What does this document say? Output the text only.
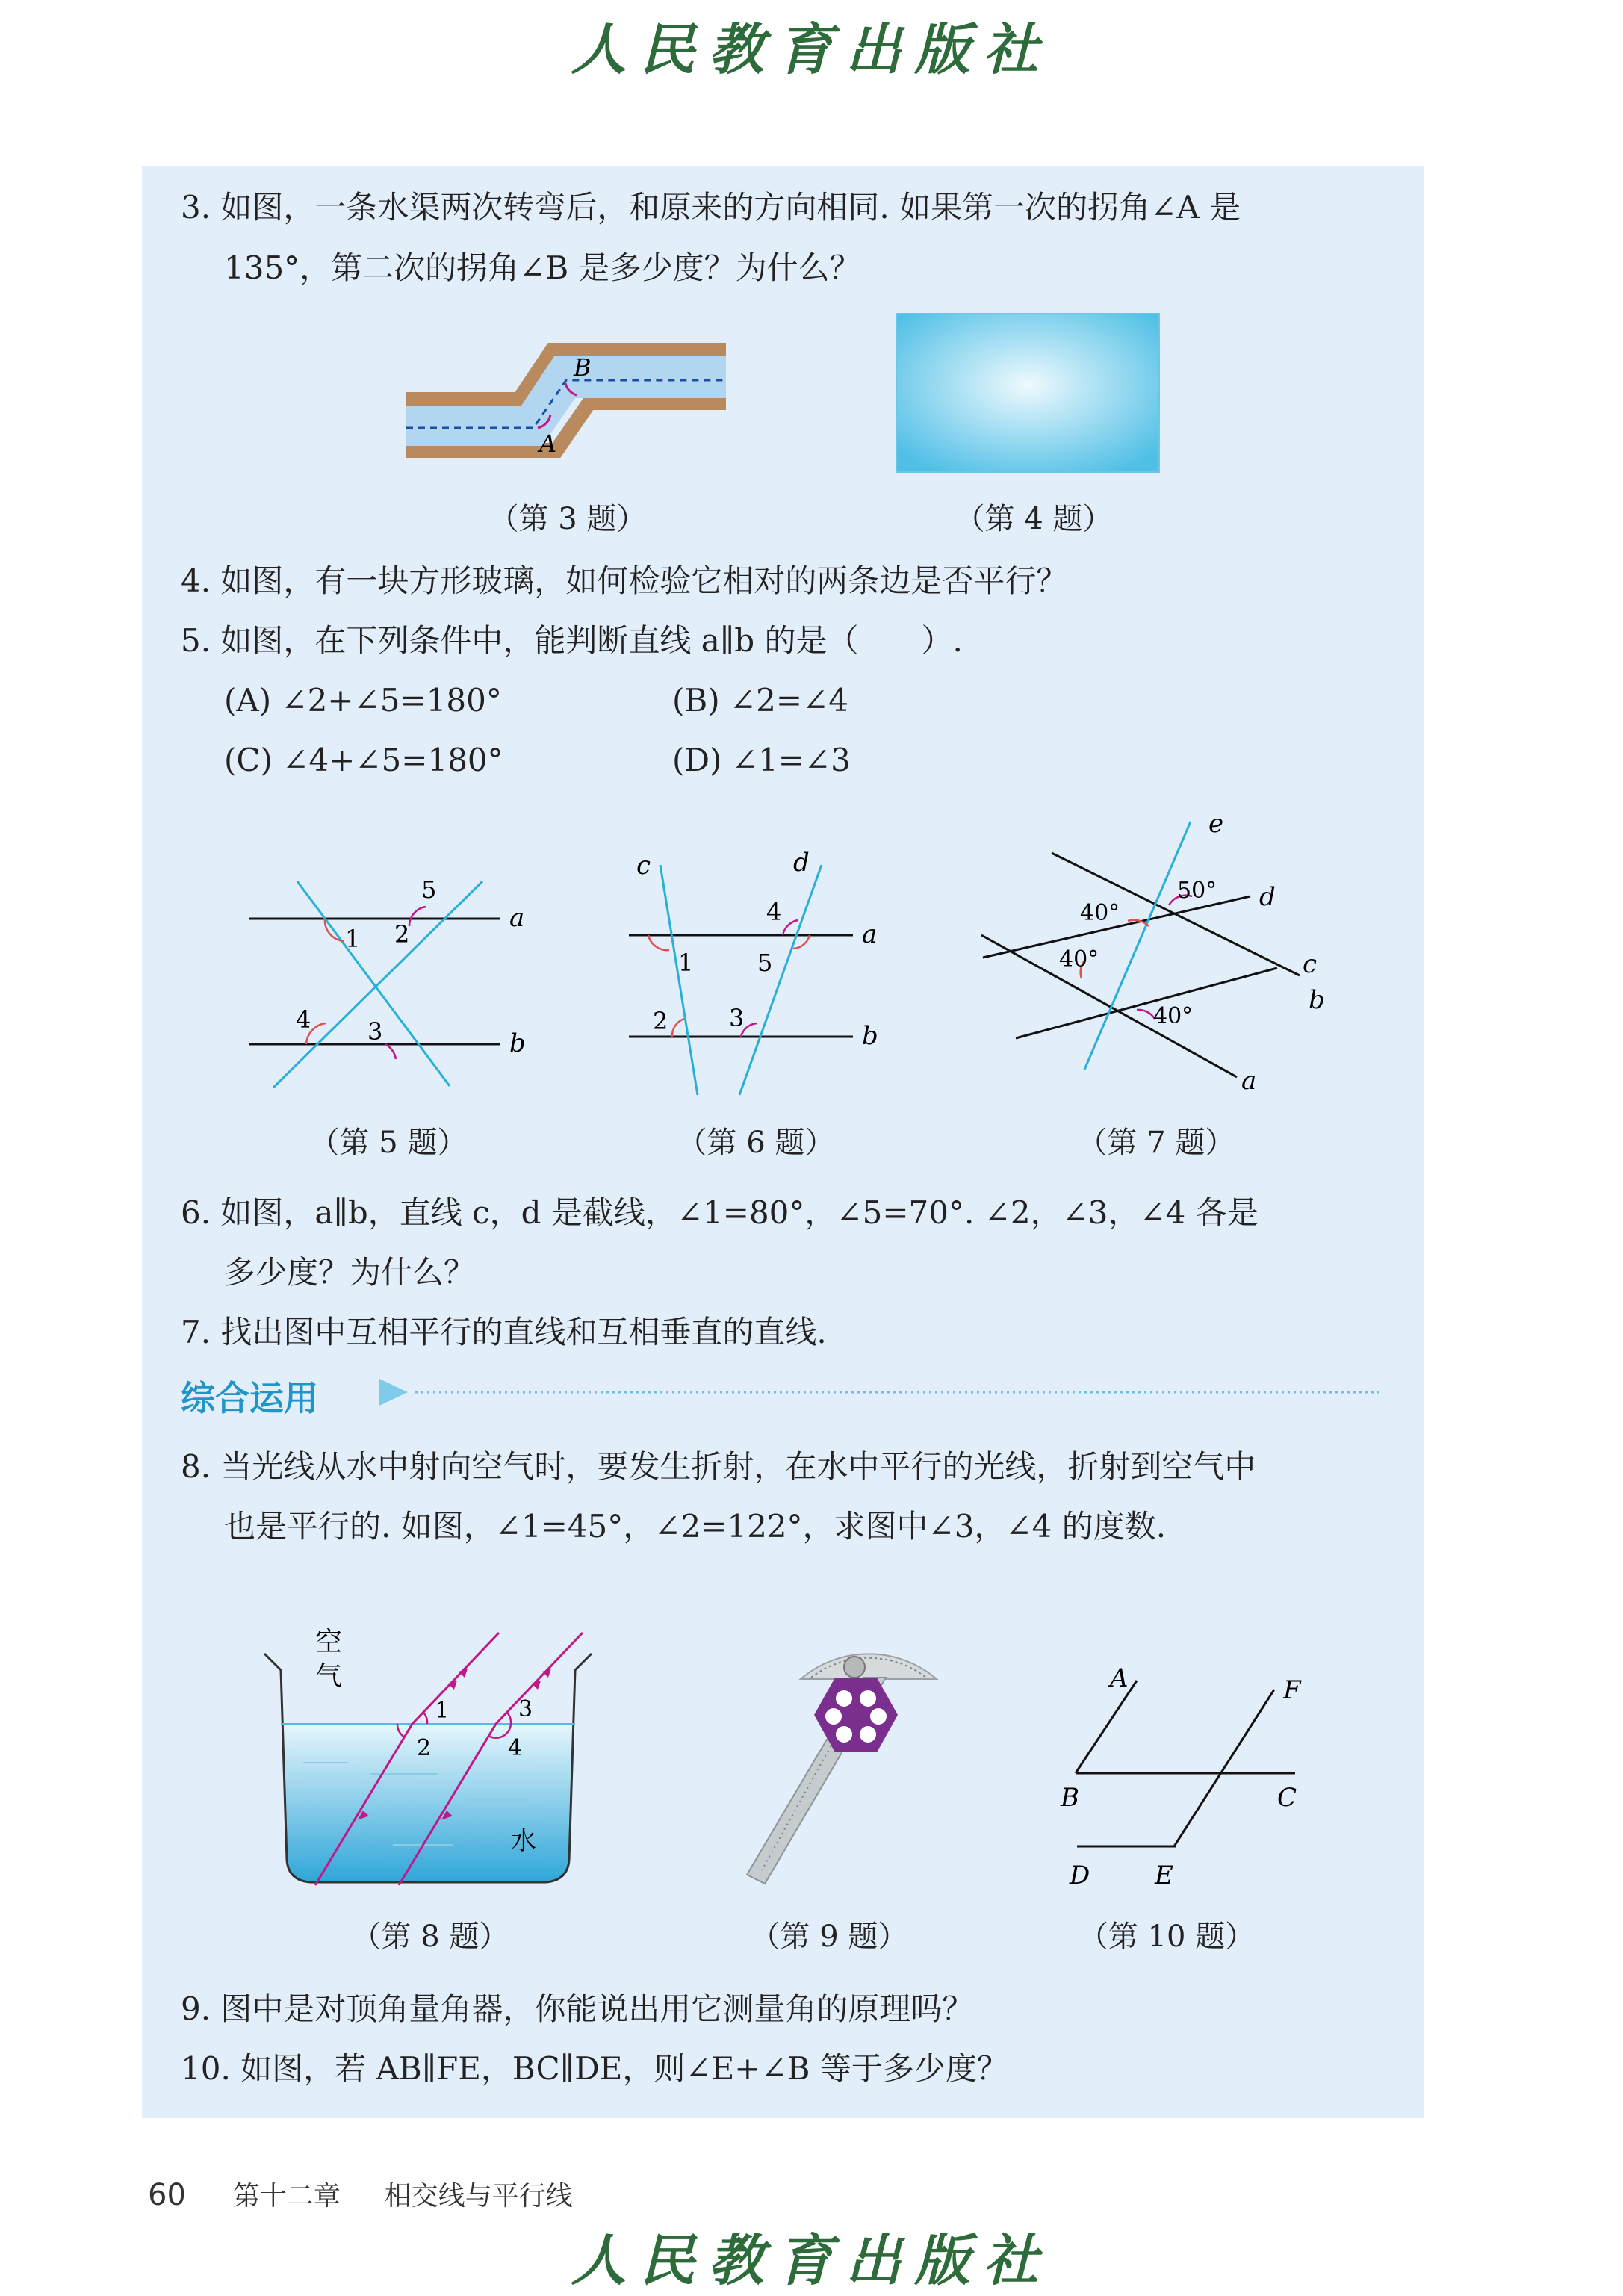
人民教育出版社
3. 如图，一条水渠两次转弯后，和原来的方向相同. 如果第一次的拐角∠A 是
135°，第二次的拐角∠B 是多少度？为什么？
B
A
（第 3 题）	（第 4 题）
4. 如图，有一块方形玻璃，如何检验它相对的两条边是否平行？
5. 如图，在下列条件中，能判断直线 a∥b 的是（　　）.
(A) ∠2+∠5=180°	(B) ∠2=∠4
(C) ∠4+∠5=180°	(D) ∠1=∠3
5
1 2
4 3
a
b
（第 5 题）
c	d
4
a
1	5
2	3
b
（第 6 题）
e
50° d
40°
40°	c
b
40°
a
（第 7 题）
6. 如图，a∥b，直线 c，d 是截线，∠1=80°，∠5=70°. ∠2，∠3，∠4 各是
多少度？为什么？
7. 找出图中互相平行的直线和互相垂直的直线.
综合运用
8. 当光线从水中射向空气时，要发生折射，在水中平行的光线，折射到空气中
也是平行的. 如图，∠1=45°，∠2=122°，求图中∠3，∠4 的度数.
空
气
1
2
3
4
水
（第 8 题）	（第 9 题）
A	F
B	C
D	E
（第 10 题）
9. 图中是对顶角量角器，你能说出用它测量角的原理吗？
10. 如图，若 AB∥FE，BC∥DE，则∠E+∠B 等于多少度？
60 第十二章 相交线与平行线
人民教育出版社
